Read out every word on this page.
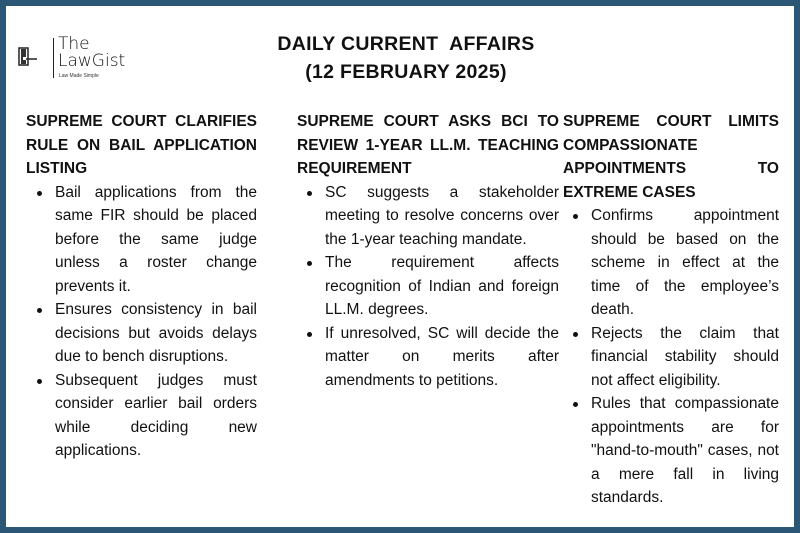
The
LawGist
Law Made Simple
DAILY CURRENT  AFFAIRS
(12 FEBRUARY 2025)

SUPREME COURT CLARIFIES RULE ON BAIL APPLICATION LISTING

Bail applications from the same FIR should be placed before the same judge unless a roster change prevents it.
Ensures consistency in bail decisions but avoids delays due to bench disruptions.
Subsequent judges must consider earlier bail orders while deciding new applications.

SUPREME COURT ASKS BCI TO REVIEW 1-YEAR LL.M. TEACHING REQUIREMENT

SC suggests a stakeholder meeting to resolve concerns over the 1-year teaching mandate.
The requirement affects recognition of Indian and foreign LL.M. degrees.
If unresolved, SC will decide the matter on merits after amendments to petitions.

SUPREME COURT LIMITS COMPASSIONATE APPOINTMENTS TO EXTREME CASES

Confirms appointment should be based on the scheme in effect at the time of the employee’s death.
Rejects the claim that financial stability should not affect eligibility.
Rules that compassionate appointments are for "hand-to-mouth" cases, not a mere fall in living standards.
